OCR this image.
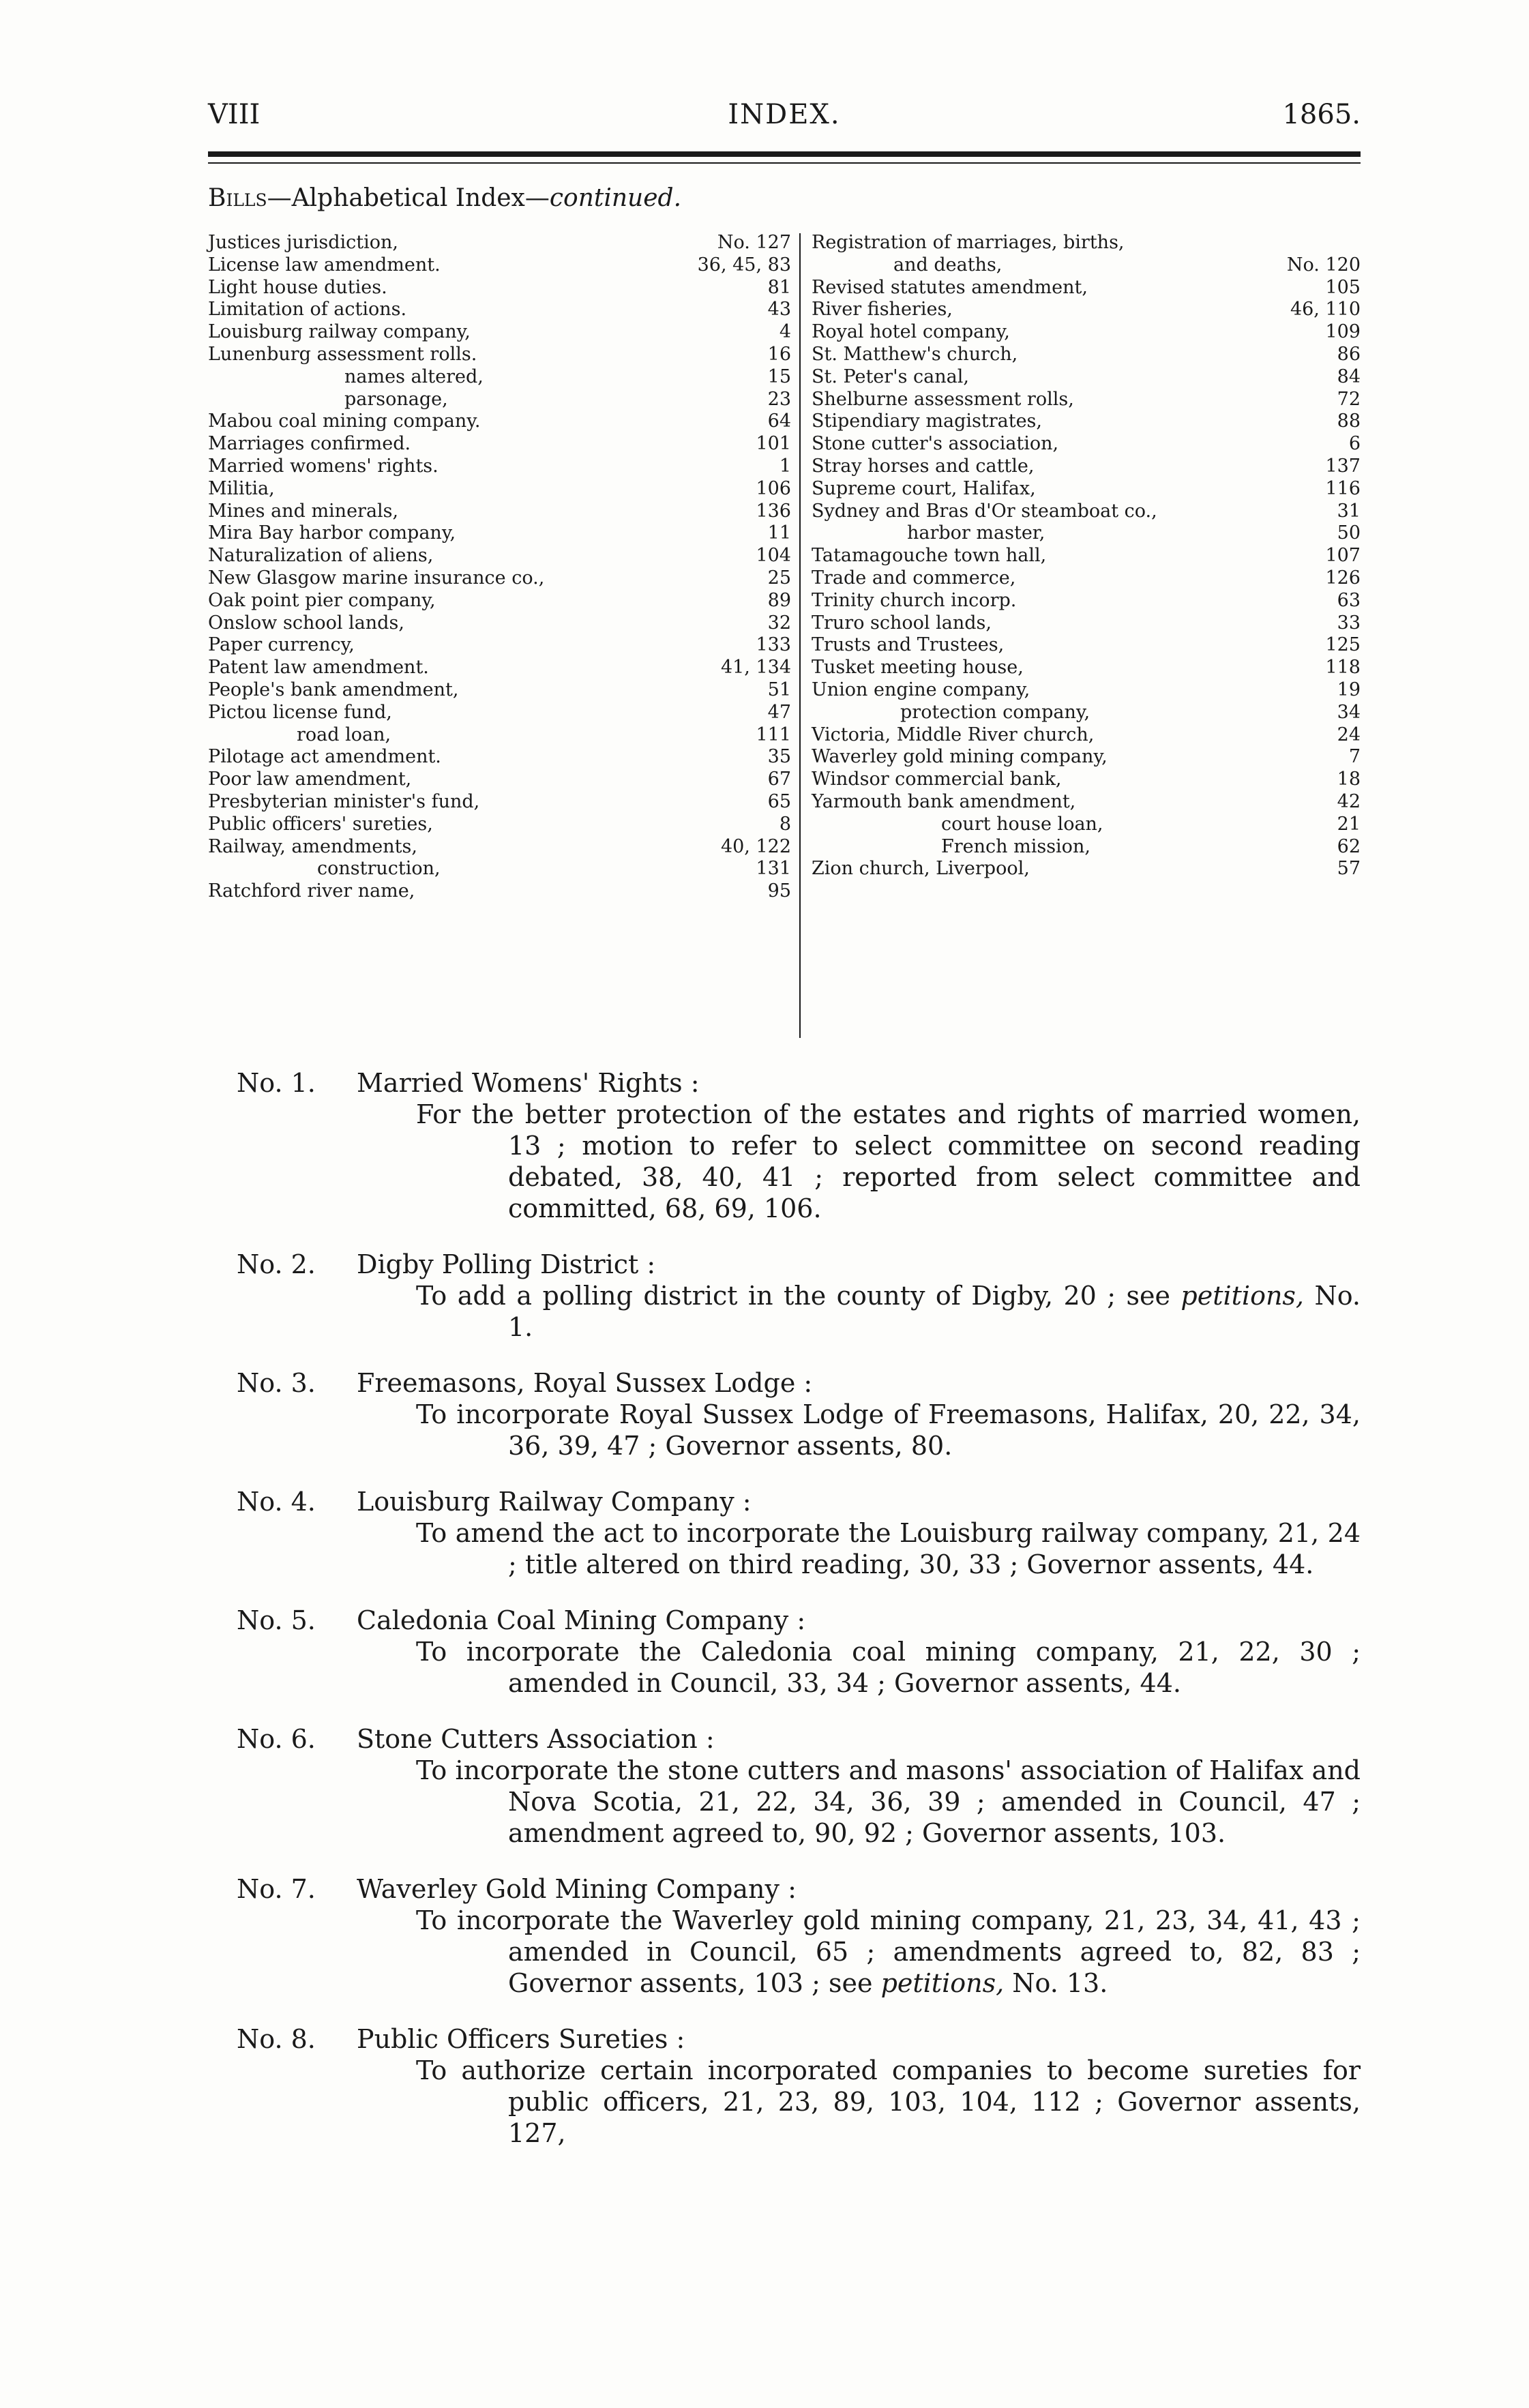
VIII	INDEX.	1865.
Bills—Alphabetical Index—continued.
Justices jurisdiction,	No. 127
License law amendment.	36, 45, 83
Light house duties.	81
Limitation of actions.	43
Louisburg railway company,	4
Lunenburg assessment rolls.	16
names altered,	15
parsonage,	23
Mabou coal mining company.	64
Marriages confirmed.	101
Married womens' rights.	1
Militia,	106
Mines and minerals,	136
Mira Bay harbor company,	11
Naturalization of aliens,	104
New Glasgow marine insurance co.,	25
Oak point pier company,	89
Onslow school lands,	32
Paper currency,	133
Patent law amendment.	41, 134
People's bank amendment,	51
Pictou license fund,	47
road loan,	111
Pilotage act amendment.	35
Poor law amendment,	67
Presbyterian minister's fund,	65
Public officers' sureties,	8
Railway, amendments,	40, 122
construction,	131
Ratchford river name,	95
Registration of marriages, births,
and deaths,	No. 120
Revised statutes amendment,	105
River fisheries,	46, 110
Royal hotel company,	109
St. Matthew's church,	86
St. Peter's canal,	84
Shelburne assessment rolls,	72
Stipendiary magistrates,	88
Stone cutter's association,	6
Stray horses and cattle,	137
Supreme court, Halifax,	116
Sydney and Bras d'Or steamboat co.,	31
harbor master,	50
Tatamagouche town hall,	107
Trade and commerce,	126
Trinity church incorp.	63
Truro school lands,	33
Trusts and Trustees,	125
Tusket meeting house,	118
Union engine company,	19
protection company,	34
Victoria, Middle River church,	24
Waverley gold mining company,	7
Windsor commercial bank,	18
Yarmouth bank amendment,	42
court house loan,	21
French mission,	62
Zion church, Liverpool,	57
No. 1. Married Womens' Rights :
For the better protection of the estates and rights of married women, 13 ; motion to refer to select committee on second reading debated, 38, 40, 41 ; reported from select committee and committed, 68, 69, 106.
No. 2. Digby Polling District :
To add a polling district in the county of Digby, 20 ; see petitions, No. 1.
No. 3. Freemasons, Royal Sussex Lodge :
To incorporate Royal Sussex Lodge of Freemasons, Halifax, 20, 22, 34, 36, 39, 47 ; Governor assents, 80.
No. 4. Louisburg Railway Company :
To amend the act to incorporate the Louisburg railway company, 21, 24 ; title altered on third reading, 30, 33 ; Governor assents, 44.
No. 5. Caledonia Coal Mining Company :
To incorporate the Caledonia coal mining company, 21, 22, 30 ; amended in Council, 33, 34 ; Governor assents, 44.
No. 6. Stone Cutters Association :
To incorporate the stone cutters and masons' association of Halifax and Nova Scotia, 21, 22, 34, 36, 39 ; amended in Council, 47 ; amendment agreed to, 90, 92 ; Governor assents, 103.
No. 7. Waverley Gold Mining Company :
To incorporate the Waverley gold mining company, 21, 23, 34, 41, 43 ; amended in Council, 65 ; amendments agreed to, 82, 83 ; Governor assents, 103 ; see petitions, No. 13.
No. 8. Public Officers Sureties :
To authorize certain incorporated companies to become sureties for public officers, 21, 23, 89, 103, 104, 112 ; Governor assents, 127,
